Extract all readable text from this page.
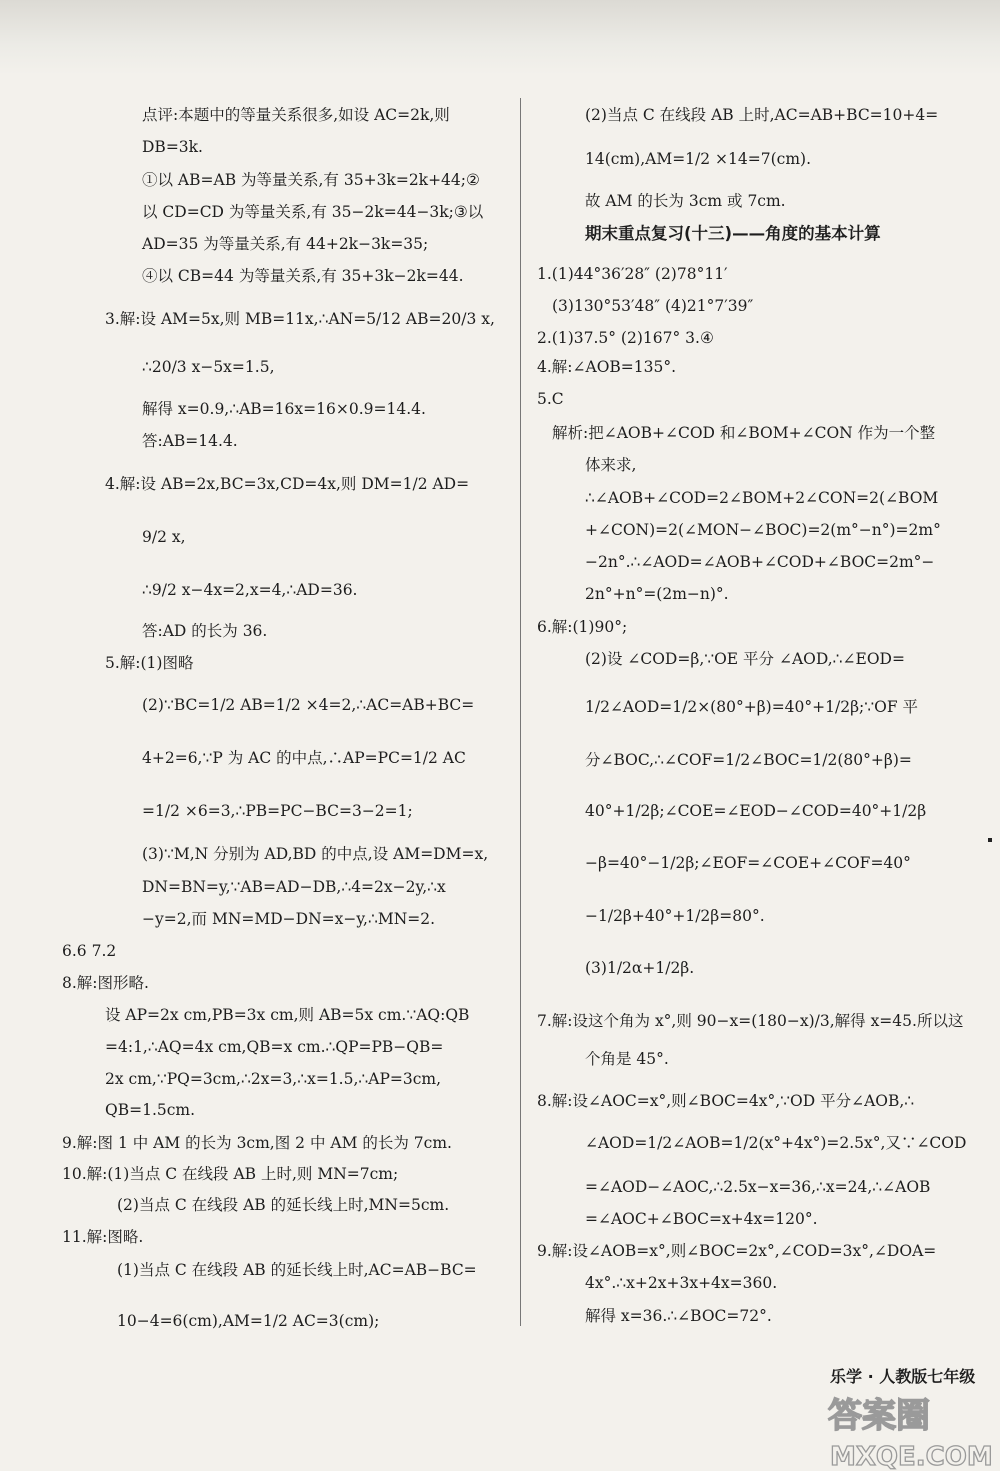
点评:本题中的等量关系很多,如设 AC=2k,则
DB=3k.
①以 AB=AB 为等量关系,有 35+3k=2k+44;②
以 CD=CD 为等量关系,有 35−2k=44−3k;③以
AD=35 为等量关系,有 44+2k−3k=35;
④以 CB=44 为等量关系,有 35+3k−2k=44.
3.解:设 AM=5x,则 MB=11x,∴AN=5/12 AB=20/3 x,
∴20/3 x−5x=1.5,
解得 x=0.9,∴AB=16x=16×0.9=14.4.
答:AB=14.4.
4.解:设 AB=2x,BC=3x,CD=4x,则 DM=1/2 AD=
9/2 x,
∴9/2 x−4x=2,x=4,∴AD=36.
答:AD 的长为 36.
5.解:(1)图略
(2)∵BC=1/2 AB=1/2 ×4=2,∴AC=AB+BC=
4+2=6,∵P 为 AC 的中点,∴AP=PC=1/2 AC
=1/2 ×6=3,∴PB=PC−BC=3−2=1;
(3)∵M,N 分别为 AD,BD 的中点,设 AM=DM=x,
DN=BN=y,∵AB=AD−DB,∴4=2x−2y,∴x
−y=2,而 MN=MD−DN=x−y,∴MN=2.
6.6 7.2
8.解:图形略.
设 AP=2x cm,PB=3x cm,则 AB=5x cm.∵AQ:QB
=4:1,∴AQ=4x cm,QB=x cm.∴QP=PB−QB=
2x cm,∵PQ=3cm,∴2x=3,∴x=1.5,∴AP=3cm,
QB=1.5cm.
9.解:图 1 中 AM 的长为 3cm,图 2 中 AM 的长为 7cm.
10.解:(1)当点 C 在线段 AB 上时,则 MN=7cm;
(2)当点 C 在线段 AB 的延长线上时,MN=5cm.
11.解:图略.
(1)当点 C 在线段 AB 的延长线上时,AC=AB−BC=
10−4=6(cm),AM=1/2 AC=3(cm);
(2)当点 C 在线段 AB 上时,AC=AB+BC=10+4=
14(cm),AM=1/2 ×14=7(cm).
故 AM 的长为 3cm 或 7cm.
期末重点复习(十三)——角度的基本计算
1.(1)44°36′28″ (2)78°11′
(3)130°53′48″ (4)21°7′39″
2.(1)37.5° (2)167° 3.④
4.解:∠AOB=135°.
5.C
解析:把∠AOB+∠COD 和∠BOM+∠CON 作为一个整
体来求,
∴∠AOB+∠COD=2∠BOM+2∠CON=2(∠BOM
+∠CON)=2(∠MON−∠BOC)=2(m°−n°)=2m°
−2n°.∴∠AOD=∠AOB+∠COD+∠BOC=2m°−
2n°+n°=(2m−n)°.
6.解:(1)90°;
(2)设 ∠COD=β,∵OE 平分 ∠AOD,∴∠EOD=
1/2∠AOD=1/2×(80°+β)=40°+1/2β;∵OF 平
分∠BOC,∴∠COF=1/2∠BOC=1/2(80°+β)=
40°+1/2β;∠COE=∠EOD−∠COD=40°+1/2β
−β=40°−1/2β;∠EOF=∠COE+∠COF=40°
−1/2β+40°+1/2β=80°.
(3)1/2α+1/2β.
7.解:设这个角为 x°,则 90−x=(180−x)/3,解得 x=45.所以这
个角是 45°.
8.解:设∠AOC=x°,则∠BOC=4x°,∵OD 平分∠AOB,∴
∠AOD=1/2∠AOB=1/2(x°+4x°)=2.5x°,又∵∠COD
=∠AOD−∠AOC,∴2.5x−x=36,∴x=24,∴∠AOB
=∠AOC+∠BOC=x+4x=120°.
9.解:设∠AOB=x°,则∠BOC=2x°,∠COD=3x°,∠DOA=
4x°.∴x+2x+3x+4x=360.
解得 x=36.∴∠BOC=72°.
乐学 · 人教版七年级
答案圈
MXQE.COM
